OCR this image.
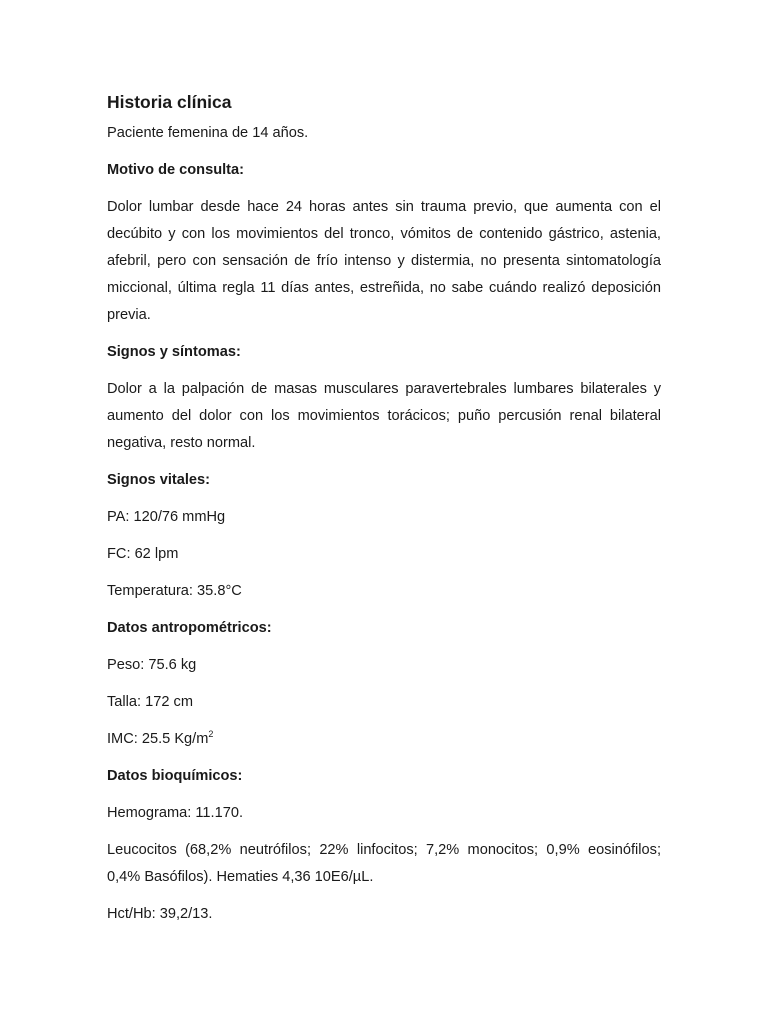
Historia clínica

Paciente femenina de 14 años.

Motivo de consulta:

Dolor lumbar desde hace 24 horas antes sin trauma previo, que aumenta con el decúbito y con los movimientos del tronco, vómitos de contenido gástrico, astenia, afebril, pero con sensación de frío intenso y distermia, no presenta sintomatología miccional, última regla 11 días antes, estreñida, no sabe cuándo realizó deposición previa.

Signos y síntomas:

Dolor a la palpación de masas musculares paravertebrales lumbares bilaterales y aumento del dolor con los movimientos torácicos; puño percusión renal bilateral negativa, resto normal.

Signos vitales:

PA: 120/76 mmHg

FC: 62 lpm

Temperatura: 35.8°C

Datos antropométricos:

Peso: 75.6 kg

Talla: 172 cm

IMC: 25.5 $Kg/m^2$

Datos bioquímicos:

Hemograma: 11.170.

Leucocitos (68,2% neutrófilos; 22% linfocitos; 7,2% monocitos; 0,9% eosinófilos; 0,4% Basófilos). Hematies 4,36 10E6/µL.

Hct/Hb: 39,2/13.
